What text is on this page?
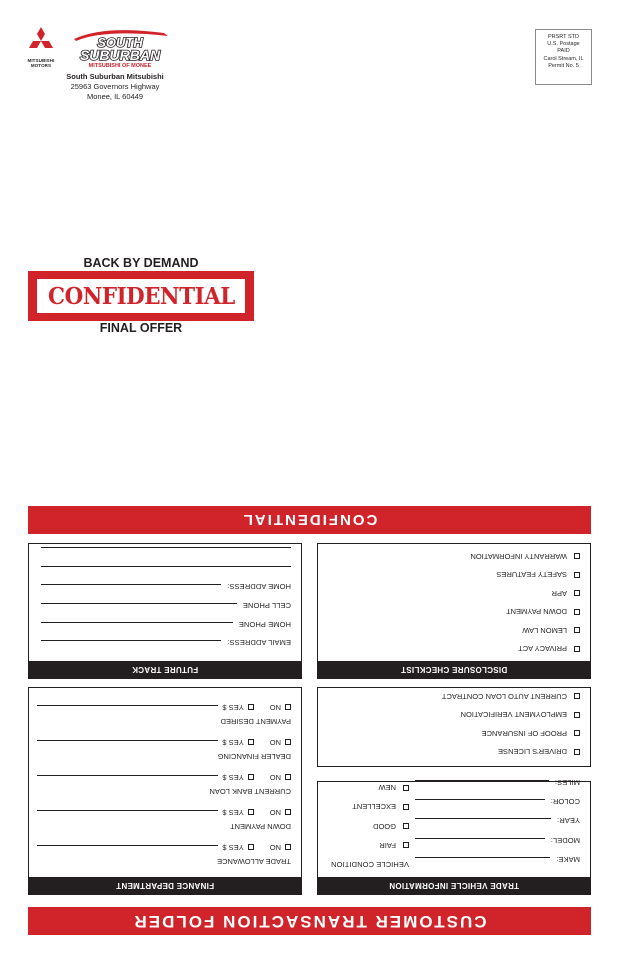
MITSUBISHI MOTORS
SOUTH
SUBURBAN
MITSUBISHI OF MONEE
South Suburban Mitsubishi
25963 Governors Highway
Monee, IL 60449
PRSRT STD
U.S. Postage
PAID
Carol Stream, IL
Permit No. 5
BACK BY DEMAND
CONFIDENTIAL
FINAL OFFER
CUSTOMER TRANSACTION FOLDER
TRADE VEHICLE INFORMATION
MAKE:
MODEL:
YEAR:
COLOR:
MILES:
VEHICLE CONDITION
FAIR
GOOD
EXCELLENT
NEW
DRIVER'S LICENSE
PROOF OF INSURANCE
EMPLOYMENT VERIFICATION
CURRENT AUTO LOAN CONTRACT
DISCLOSURE CHECKLIST
PRIVACY ACT
LEMON LAW
DOWN PAYMENT
APR
SAFETY FEATURES
WARRANTY INFORMATION
FINANCE DEPARTMENT
TRADE ALLOWANCE
NO
YES $
DOWN PAYMENT
NO
YES $
CURRENT BANK LOAN
NO
YES $
DEALER FINANCING
NO
YES $
PAYMENT DESIRED
NO
YES $
FUTURE TRACK
EMAIL ADDRESS:
HOME PHONE
CELL PHONE
HOME ADDRESS:
CONFIDENTIAL
